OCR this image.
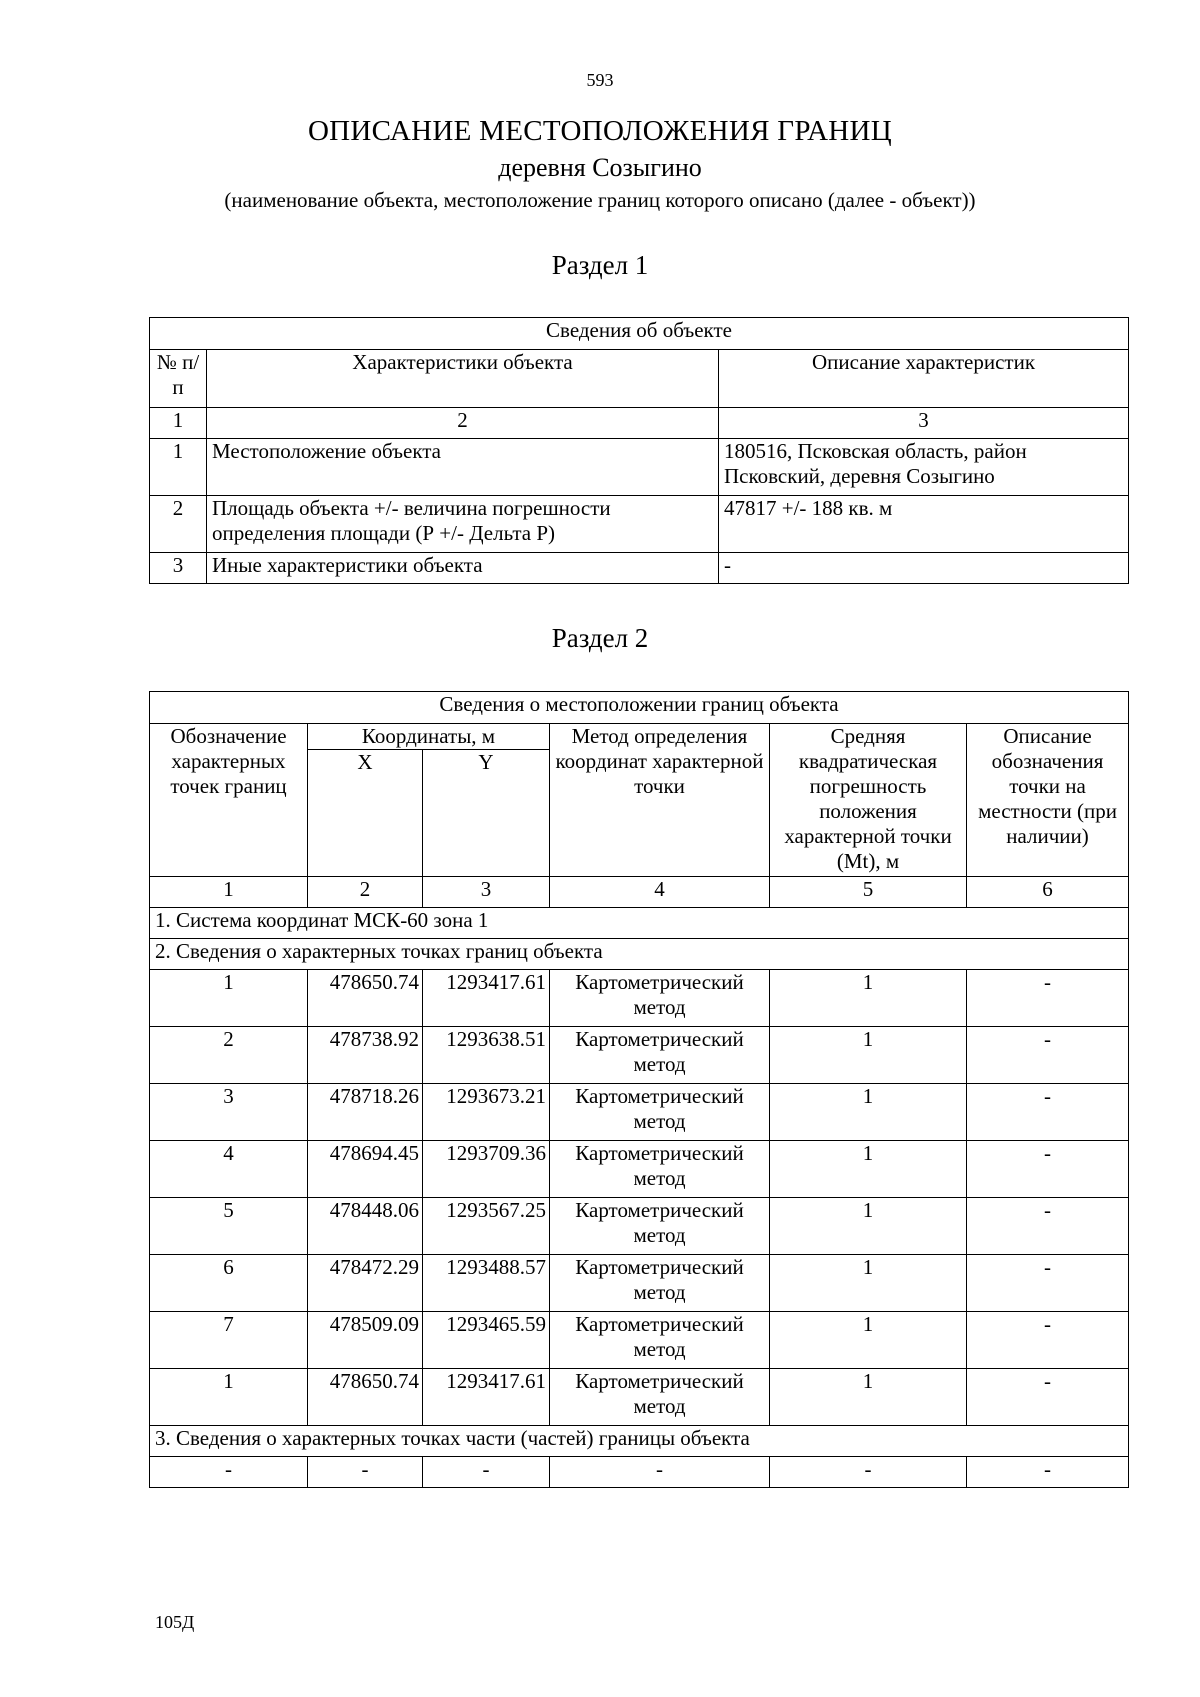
593
ОПИСАНИЕ МЕСТОПОЛОЖЕНИЯ ГРАНИЦ
деревня Созыгино
(наименование объекта, местоположение границ которого описано (далее - объект))
Раздел 1
Сведения об объекте		
№ п/п	Характеристики объекта	Описание характеристик
1	2	3
1	Местоположение объекта	180516, Псковская область, район Псковский, деревня Созыгино
2	Площадь объекта +/- величина погрешности определения площади (Р +/- Дельта Р)	47817 +/- 188 кв. м
3	Иные характеристики объекта	-
Раздел 2
Сведения о местоположении границ объекта					
Обозначение характерных точек границ	Координаты, м		Метод определения координат характерной точки	Средняя квадратическая погрешность положения характерной точки (Mt), м	Описание обозначения точки на местности (при наличии)
	X	Y			
1	2	3	4	5	6
1. Система координат МСК-60 зона 1					
2. Сведения о характерных точках границ объекта					
1	478650.74	1293417.61	Картометрический метод	1	-
2	478738.92	1293638.51	Картометрический метод	1	-
3	478718.26	1293673.21	Картометрический метод	1	-
4	478694.45	1293709.36	Картометрический метод	1	-
5	478448.06	1293567.25	Картометрический метод	1	-
6	478472.29	1293488.57	Картометрический метод	1	-
7	478509.09	1293465.59	Картометрический метод	1	-
1	478650.74	1293417.61	Картометрический метод	1	-
3. Сведения о характерных точках части (частей) границы объекта					
-	-	-	-	-	-
105Д
